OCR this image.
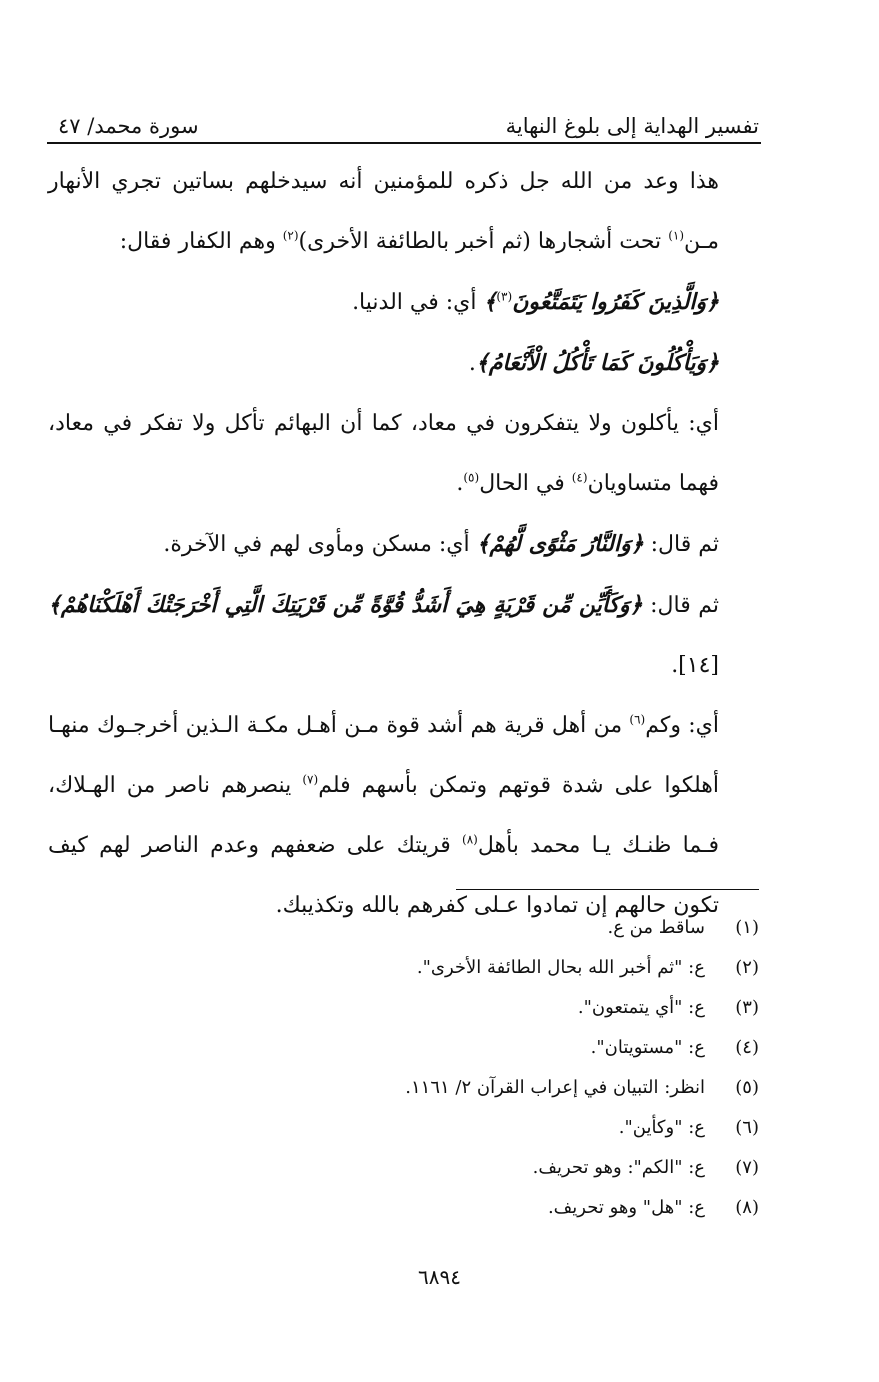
تفسير الهداية إلى بلوغ النهاية
سورة محمد/ ٤٧

هذا وعد من الله جل ذكره للمؤمنين أنه سيدخلهم بساتين تجري الأنهار مـن$^{(١)}$ تحت أشجارها (ثم أخبر بالطائفة الأخرى)$^{(٢)}$ وهم الكفار فقال:

﴿وَالَّذِينَ كَفَرُوا يَتَمَتَّعُونَ$^{(٣)}$﴾ أي: في الدنيا.

﴿وَيَأْكُلُونَ كَمَا تَأْكُلُ الْأَنْعَامُ﴾.

أي: يأكلون ولا يتفكرون في معاد، كما أن البهائم تأكل ولا تفكر في معاد، فهما متساويان$^{(٤)}$ في الحال$^{(٥)}$.

ثم قال: ﴿وَالنَّارُ مَثْوًى لَّهُمْ﴾ أي: مسكن ومأوى لهم في الآخرة.

ثم قال: ﴿وَكَأَيِّن مِّن قَرْيَةٍ هِيَ أَشَدُّ قُوَّةً مِّن قَرْيَتِكَ الَّتِي أَخْرَجَتْكَ أَهْلَكْنَاهُمْ﴾ [١٤].

أي: وكم$^{(٦)}$ من أهل قرية هم أشد قوة مـن أهـل مكـة الـذين أخرجـوك منهـا أهلكوا على شدة قوتهم وتمكن بأسهم فلم$^{(٧)}$ ينصرهم ناصر من الهـلاك، فـما ظنـك يـا محمد بأهل$^{(٨)}$ قريتك على ضعفهم وعدم الناصر لهم كيف تكون حالهم إن تمادوا عـلى كفرهم بالله وتكذيبك.

(١)
ساقط من ع.
(٢)
ع: "ثم أخبر الله بحال الطائفة الأخرى".
(٣)
ع: "أي يتمتعون".
(٤)
ع: "مستويتان".
(٥)
انظر: التبيان في إعراب القرآن ٢/ ١١٦١.
(٦)
ع: "وكأين".
(٧)
ع: "الكم": وهو تحريف.
(٨)
ع: "هل" وهو تحريف.
٦٨٩٤
